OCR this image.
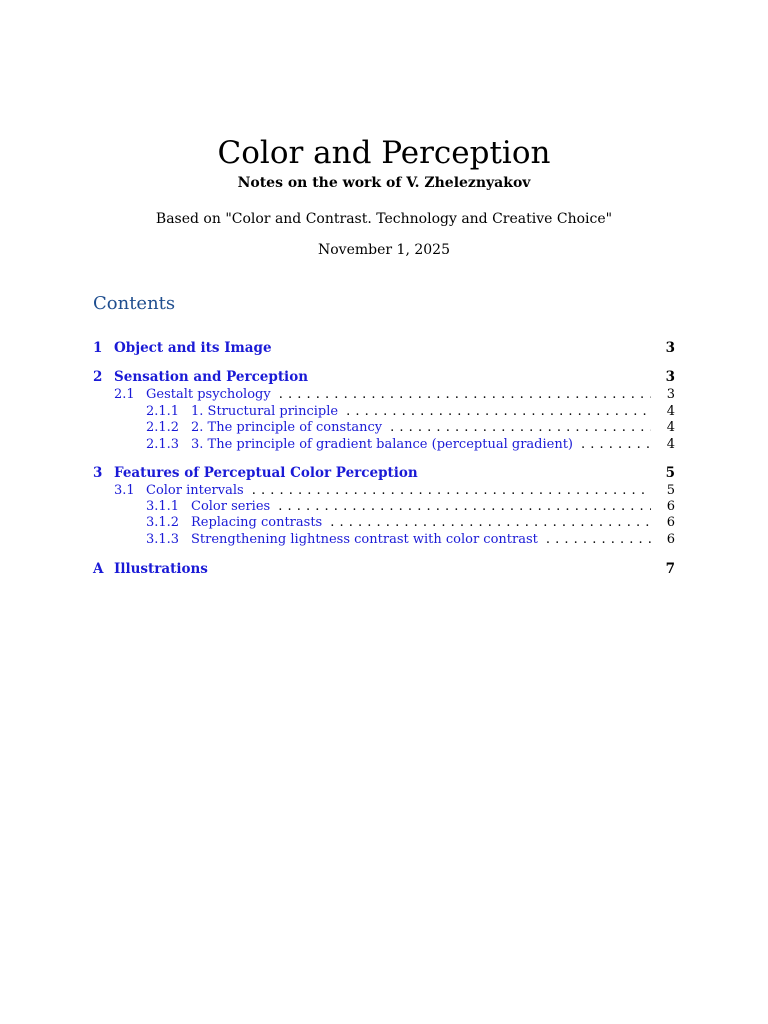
Color and Perception
Notes on the work of V. Zheleznyakov
Based on "Color and Contrast. Technology and Creative Choice"
November 1, 2025
Contents
1 Object and its Image	3
2 Sensation and Perception	3
2.1 Gestalt psychology . . .	3
2.1.1 1. Structural principle . . .	4
2.1.2 2. The principle of constancy . . .	4
2.1.3 3. The principle of gradient balance (perceptual gradient) . . .	4
3 Features of Perceptual Color Perception	5
3.1 Color intervals . . .	5
3.1.1 Color series . . .	6
3.1.2 Replacing contrasts . . .	6
3.1.3 Strengthening lightness contrast with color contrast . . .	6
A Illustrations	7
